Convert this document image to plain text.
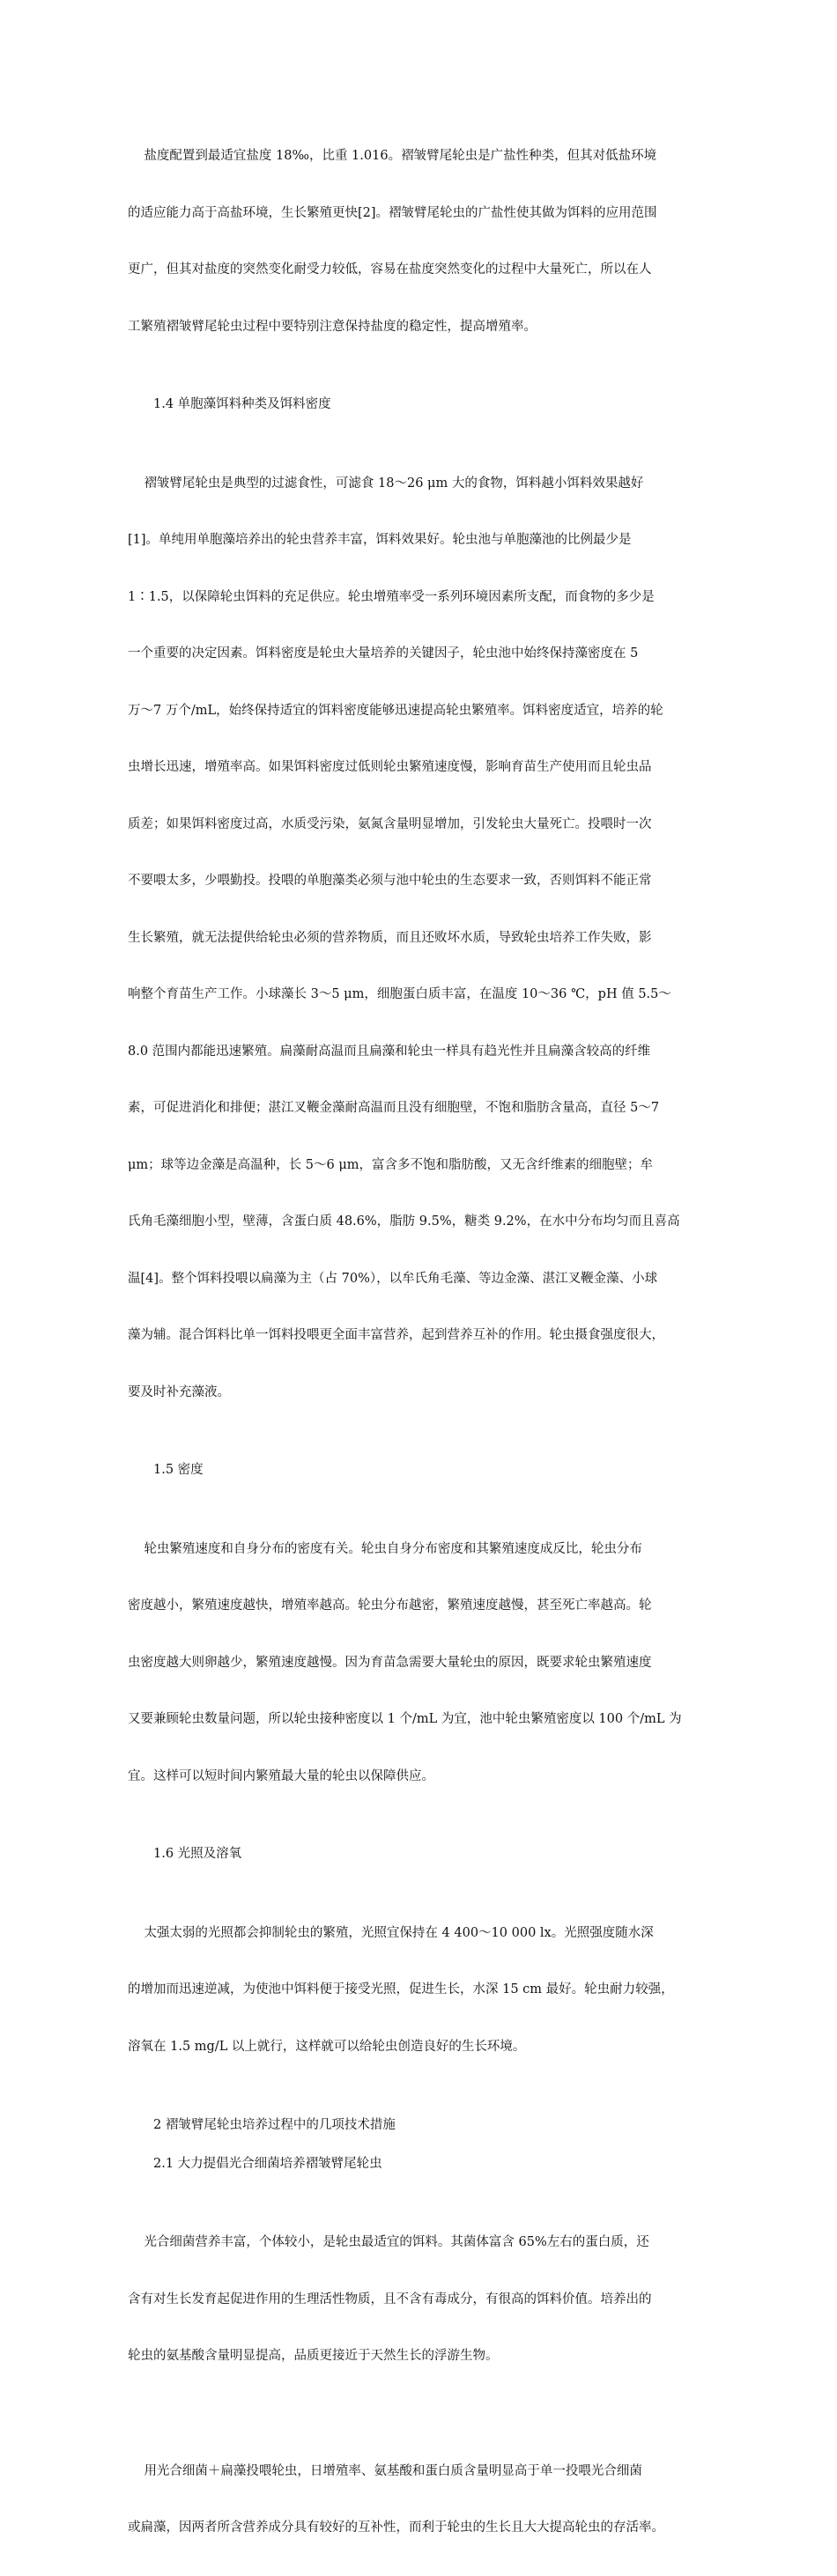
盐度配置到最适宜盐度 18‰，比重 1.016。褶皱臂尾轮虫是广盐性种类，但其对低盐环境

的适应能力高于高盐环境，生长繁殖更快[2]。褶皱臂尾轮虫的广盐性使其做为饵料的应用范围

更广，但其对盐度的突然变化耐受力较低，容易在盐度突然变化的过程中大量死亡，所以在人

工繁殖褶皱臂尾轮虫过程中要特别注意保持盐度的稳定性，提高增殖率。

1.4 单胞藻饵料种类及饵料密度

褶皱臂尾轮虫是典型的过滤食性，可滤食 18～26 μm 大的食物，饵料越小饵料效果越好

[1]。单纯用单胞藻培养出的轮虫营养丰富，饵料效果好。轮虫池与单胞藻池的比例最少是

1∶1.5，以保障轮虫饵料的充足供应。轮虫增殖率受一系列环境因素所支配，而食物的多少是

一个重要的决定因素。饵料密度是轮虫大量培养的关键因子，轮虫池中始终保持藻密度在 5

万～7 万个/mL，始终保持适宜的饵料密度能够迅速提高轮虫繁殖率。饵料密度适宜，培养的轮

虫增长迅速，增殖率高。如果饵料密度过低则轮虫繁殖速度慢，影响育苗生产使用而且轮虫品

质差；如果饵料密度过高，水质受污染，氨氮含量明显增加，引发轮虫大量死亡。投喂时一次

不要喂太多，少喂勤投。投喂的单胞藻类必须与池中轮虫的生态要求一致，否则饵料不能正常

生长繁殖，就无法提供给轮虫必须的营养物质，而且还败坏水质，导致轮虫培养工作失败，影

响整个育苗生产工作。小球藻长 3～5 μm，细胞蛋白质丰富，在温度 10～36 ℃，pH 值 5.5～

8.0 范围内都能迅速繁殖。扁藻耐高温而且扁藻和轮虫一样具有趋光性并且扁藻含较高的纤维

素，可促进消化和排便；湛江叉鞭金藻耐高温而且没有细胞壁，不饱和脂肪含量高，直径 5～7

μm；球等边金藻是高温种，长 5～6 μm，富含多不饱和脂肪酸，又无含纤维素的细胞壁；牟

氏角毛藻细胞小型，壁薄，含蛋白质 48.6%，脂肪 9.5%，糖类 9.2%，在水中分布均匀而且喜高

温[4]。整个饵料投喂以扁藻为主（占 70%），以牟氏角毛藻、等边金藻、湛江叉鞭金藻、小球

藻为辅。混合饵料比单一饵料投喂更全面丰富营养，起到营养互补的作用。轮虫摄食强度很大，

要及时补充藻液。

1.5 密度

轮虫繁殖速度和自身分布的密度有关。轮虫自身分布密度和其繁殖速度成反比，轮虫分布

密度越小，繁殖速度越快，增殖率越高。轮虫分布越密，繁殖速度越慢，甚至死亡率越高。轮

虫密度越大则卵越少，繁殖速度越慢。因为育苗急需要大量轮虫的原因，既要求轮虫繁殖速度

又要兼顾轮虫数量问题，所以轮虫接种密度以 1 个/mL 为宜，池中轮虫繁殖密度以 100 个/mL 为

宜。这样可以短时间内繁殖最大量的轮虫以保障供应。

1.6 光照及溶氧

太强太弱的光照都会抑制轮虫的繁殖，光照宜保持在 4 400～10 000 lx。光照强度随水深

的增加而迅速逆减，为使池中饵料便于接受光照，促进生长，水深 15 cm 最好。轮虫耐力较强，

溶氧在 1.5 mg/L 以上就行，这样就可以给轮虫创造良好的生长环境。

2 褶皱臂尾轮虫培养过程中的几项技术措施
2.1 大力提倡光合细菌培养褶皱臂尾轮虫

光合细菌营养丰富，个体较小，是轮虫最适宜的饵料。其菌体富含 65%左右的蛋白质，还

含有对生长发育起促进作用的生理活性物质，且不含有毒成分，有很高的饵料价值。培养出的

轮虫的氨基酸含量明显提高，品质更接近于天然生长的浮游生物。

用光合细菌＋扁藻投喂轮虫，日增殖率、氨基酸和蛋白质含量明显高于单一投喂光合细菌

或扁藻，因两者所含营养成分具有较好的互补性，而利于轮虫的生长且大大提高轮虫的存活率。
